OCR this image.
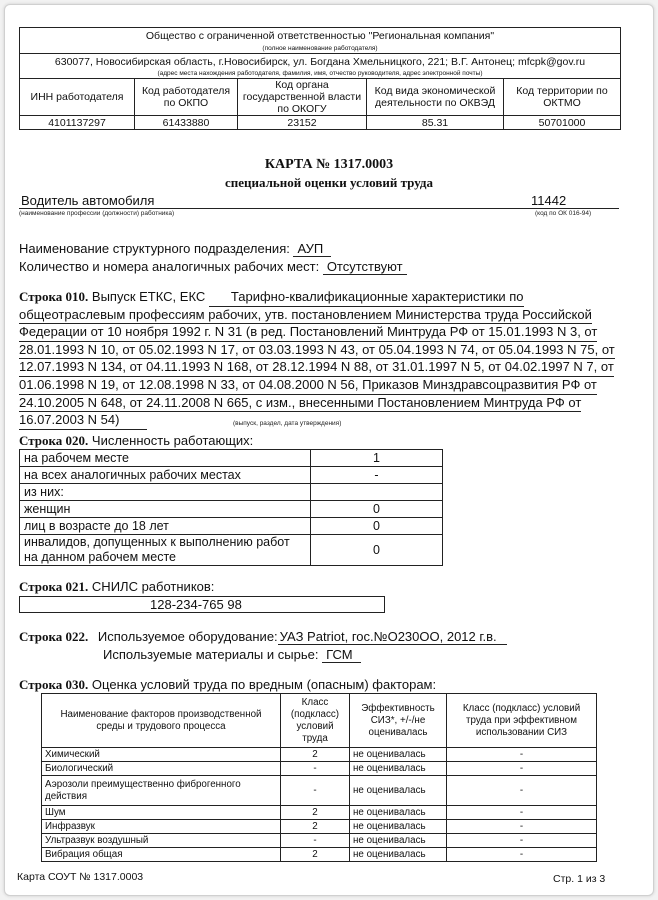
Общество с ограниченной ответственностью "Региональная компания"				
(полное наименование работодателя)				
630077, Новосибирская область, г.Новосибирск, ул. Богдана Хмельницкого, 221; В.Г. Антонец; mfcpk@gov.ru				
(адрес места нахождения работодателя, фамилия, имя, отчество руководителя, адрес электронной почты)				
ИНН работодателя	Код работодателя по ОКПО	Код органа государственной власти по ОКОГУ	Код вида экономической деятельности по ОКВЭД	Код территории по ОКТМО
4101137297	61433880	23152	85.31	50701000
КАРТА № 1317.0003
специальной оценки условий труда
Водитель автомобиля	11442
(наименование профессии (должности) работника)	(код по ОК 016-94)
Наименование структурного подразделения: АУП
Количество и номера аналогичных рабочих мест: Отсутствуют
Строка 010. Выпуск ЕТКС, ЕКС Тарифно-квалификационные характеристики по
общеотраслевым профессиям рабочих, утв. постановлением Министерства труда Российской Федерации от 10 ноября 1992 г. N 31 (в ред. Постановлений Минтруда РФ от 15.01.1993 N 3, от 28.01.1993 N 10, от 05.02.1993 N 17, от 03.03.1993 N 43, от 05.04.1993 N 74, от 05.04.1993 N 75, от 12.07.1993 N 134, от 04.11.1993 N 168, от 28.12.1994 N 88, от 31.01.1997 N 5, от 04.02.1997 N 7, от 01.06.1998 N 19, от 12.08.1998 N 33, от 04.08.2000 N 56, Приказов Минздравсоцразвития РФ от 24.10.2005 N 648, от 24.11.2008 N 665, с изм., внесенными Постановлением Минтруда РФ от
16.07.2003 N 54)	(выпуск, раздел, дата утверждения)
Строка 020. Численность работающих:
на рабочем месте	1
на всех аналогичных рабочих местах	-
из них:	
женщин	0
лиц в возрасте до 18 лет	0
инвалидов, допущенных к выполнению работ на данном рабочем месте	0
Строка 021. СНИЛС работников:
128-234-765 98
Строка 022. Используемое оборудование: УАЗ Patriot, гос.№О230ОО, 2012 г.в.
Используемые материалы и сырье: ГСМ
Строка 030. Оценка условий труда по вредным (опасным) факторам:
Наименование факторов производственной среды и трудового процесса	Класс (подкласс) условий труда	Эффективность СИЗ*, +/-/не оценивалась	Класс (подкласс) условий труда при эффективном использовании СИЗ
Химический	2	не оценивалась	-
Биологический	-	не оценивалась	-
Аэрозоли преимущественно фиброгенного действия	-	не оценивалась	-
Шум	2	не оценивалась	-
Инфразвук	2	не оценивалась	-
Ультразвук воздушный	-	не оценивалась	-
Вибрация общая	2	не оценивалась	-
Карта СОУТ № 1317.0003	Стр. 1 из 3
